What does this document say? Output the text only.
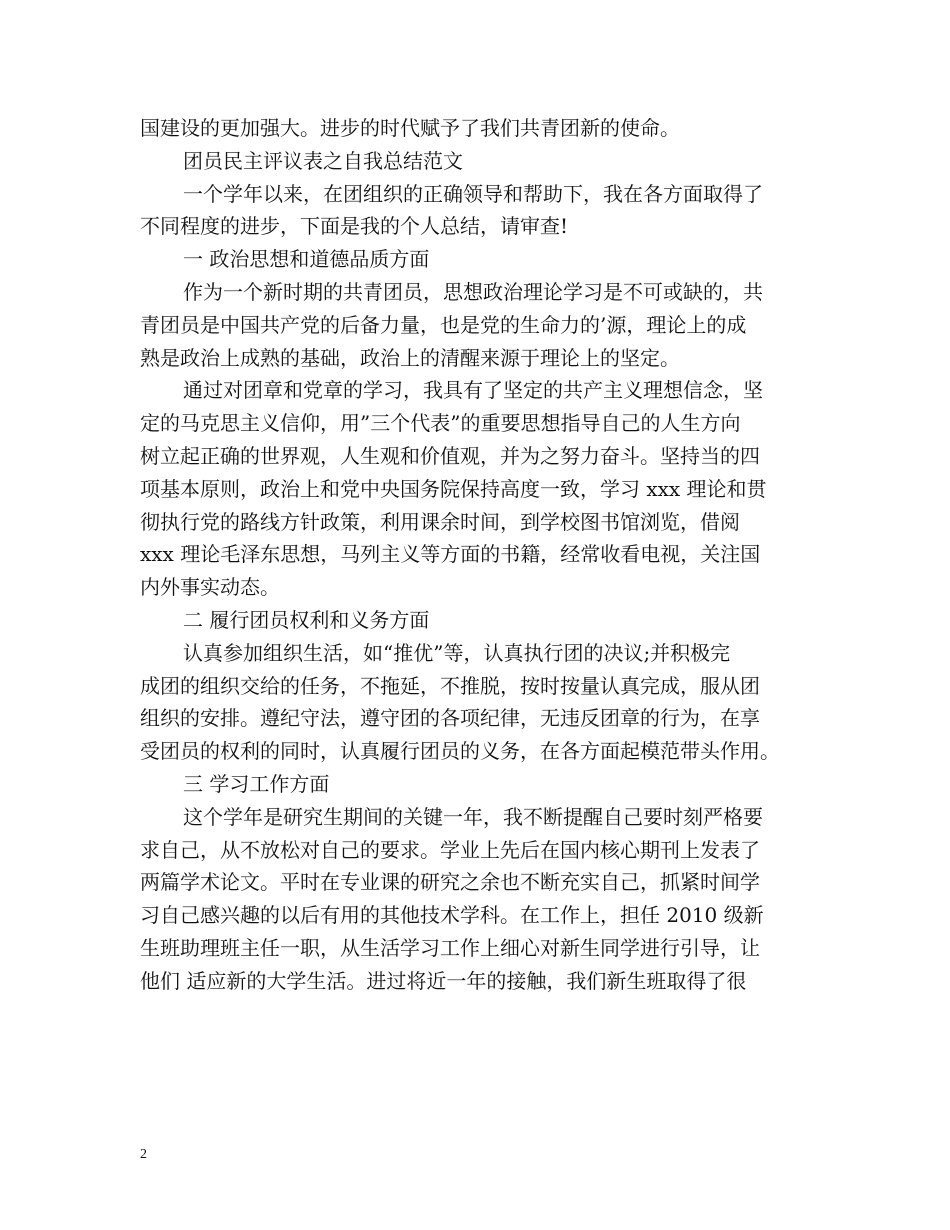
国建设的更加强大。进步的时代赋予了我们共青团新的使命。
团员民主评议表之自我总结范文
一个学年以来，在团组织的正确领导和帮助下，我在各方面取得了
不同程度的进步，下面是我的个人总结，请审查!
一 政治思想和道德品质方面
作为一个新时期的共青团员，思想政治理论学习是不可或缺的，共
青团员是中国共产党的后备力量，也是党的生命力的’源，理论上的成
熟是政治上成熟的基础，政治上的清醒来源于理论上的坚定。
通过对团章和党章的学习，我具有了坚定的共产主义理想信念，坚
定的马克思主义信仰，用”三个代表”的重要思想指导自己的人生方向
树立起正确的世界观，人生观和价值观，并为之努力奋斗。坚持当的四
项基本原则，政治上和党中央国务院保持高度一致，学习 xxx 理论和贯
彻执行党的路线方针政策，利用课余时间，到学校图书馆浏览，借阅
xxx 理论毛泽东思想，马列主义等方面的书籍，经常收看电视，关注国
内外事实动态。
二 履行团员权利和义务方面
认真参加组织生活，如“推优”等，认真执行团的决议;并积极完
成团的组织交给的任务，不拖延，不推脱，按时按量认真完成，服从团
组织的安排。遵纪守法，遵守团的各项纪律，无违反团章的行为，在享
受团员的权利的同时，认真履行团员的义务，在各方面起模范带头作用。
三 学习工作方面
这个学年是研究生期间的关键一年，我不断提醒自己要时刻严格要
求自己，从不放松对自己的要求。学业上先后在国内核心期刊上发表了
两篇学术论文。平时在专业课的研究之余也不断充实自己，抓紧时间学
习自己感兴趣的以后有用的其他技术学科。在工作上，担任 2010 级新
生班助理班主任一职，从生活学习工作上细心对新生同学进行引导，让
他们 适应新的大学生活。进过将近一年的接触，我们新生班取得了很
2
